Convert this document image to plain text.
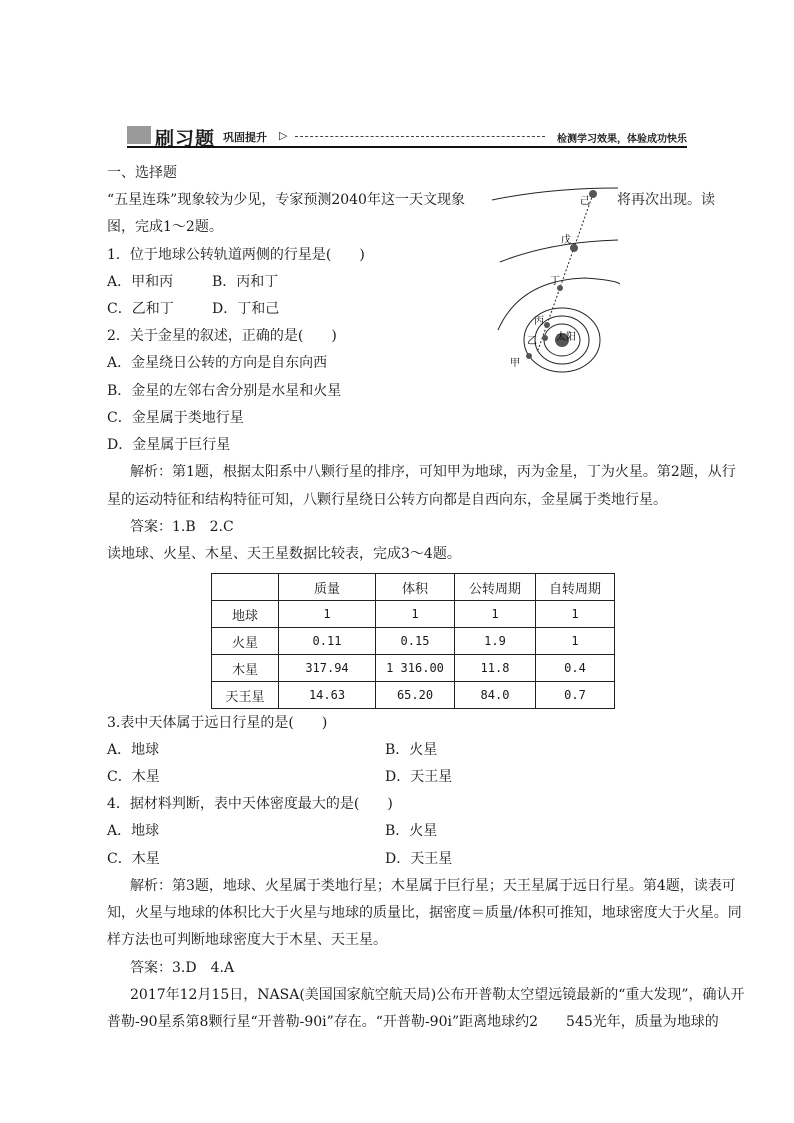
刷习题 巩固提升 ▷	检测学习效果，体验成功快乐
一、选择题
“五星连珠”现象较为少见，专家预测2040年这一天文现象	将再次出现。读
图，完成1～2题。
太阳
甲
乙
丙
丁
戊
己
1．位于地球公转轨道两侧的行星是(　　)
A．甲和丙	B．丙和丁
C．乙和丁	D．丁和己
2．关于金星的叙述，正确的是(　　)
A．金星绕日公转的方向是自东向西
B．金星的左邻右舍分别是水星和火星
C．金星属于类地行星
D．金星属于巨行星
解析：第1题，根据太阳系中八颗行星的排序，可知甲为地球，丙为金星，丁为火星。第2题，从行
星的运动特征和结构特征可知，八颗行星绕日公转方向都是自西向东，金星属于类地行星。
答案：1.B　2.C
读地球、火星、木星、天王星数据比较表，完成3～4题。
	质量	体积	公转周期	自转周期
地球	1	1	1	1
火星	0.11	0.15	1.9	1
木星	317.94	1 316.00	11.8	0.4
天王星	14.63	65.20	84.0	0.7
3.表中天体属于远日行星的是(　　)
A．地球	B．火星
C．木星	D．天王星
4．据材料判断，表中天体密度最大的是(　　)
A．地球	B．火星
C．木星	D．天王星
解析：第3题，地球、火星属于类地行星；木星属于巨行星；天王星属于远日行星。第4题，读表可
知，火星与地球的体积比大于火星与地球的质量比，据密度＝质量/体积可推知，地球密度大于火星。同
样方法也可判断地球密度大于木星、天王星。
答案：3.D　4.A
2017年12月15日，NASA(美国国家航空航天局)公布开普勒太空望远镜最新的“重大发现”，确认开
普勒-90星系第8颗行星“开普勒-90i”存在。“开普勒-90i”距离地球约2　　545光年，质量为地球的
